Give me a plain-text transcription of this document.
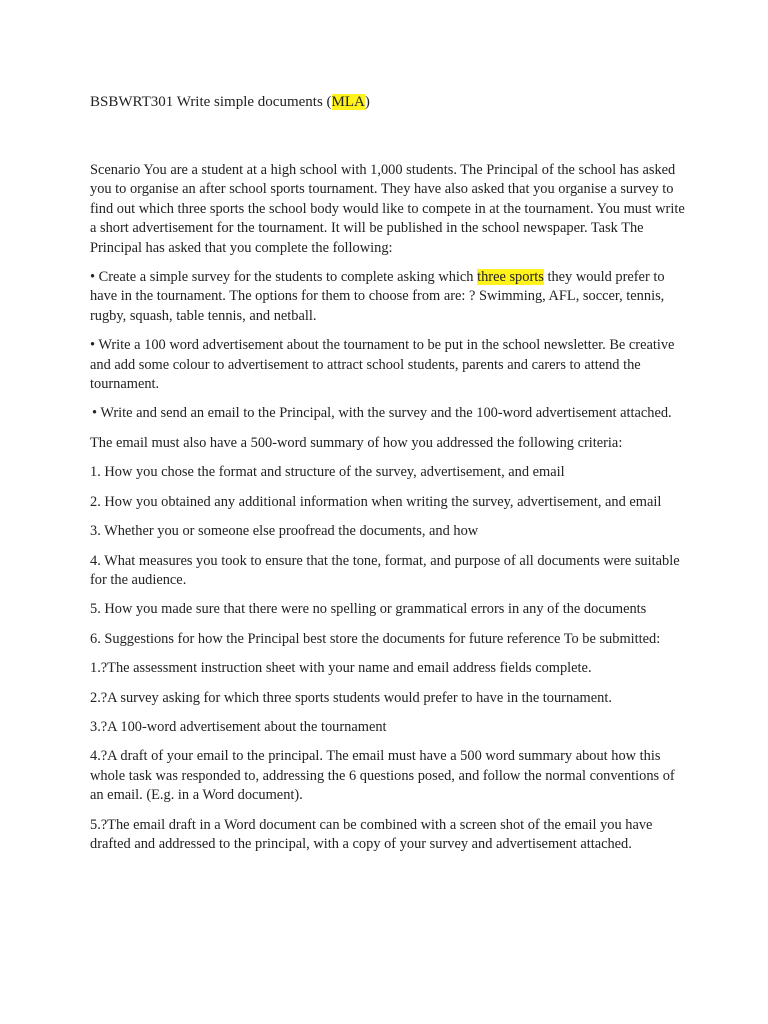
BSBWRT301 Write simple documents (MLA)

Scenario You are a student at a high school with 1,000 students. The Principal of the school has asked you to organise an after school sports tournament. They have also asked that you organise a survey to find out which three sports the school body would like to compete in at the tournament. You must write a short advertisement for the tournament. It will be published in the school newspaper. Task The Principal has asked that you complete the following:

• Create a simple survey for the students to complete asking which three sports they would prefer to have in the tournament. The options for them to choose from are: ? Swimming, AFL, soccer, tennis, rugby, squash, table tennis, and netball.

• Write a 100 word advertisement about the tournament to be put in the school newsletter. Be creative and add some colour to advertisement to attract school students, parents and carers to attend the tournament.

• Write and send an email to the Principal, with the survey and the 100-word advertisement attached.

The email must also have a 500-word summary of how you addressed the following criteria:

1. How you chose the format and structure of the survey, advertisement, and email

2. How you obtained any additional information when writing the survey, advertisement, and email

3. Whether you or someone else proofread the documents, and how

4. What measures you took to ensure that the tone, format, and purpose of all documents were suitable for the audience.

5. How you made sure that there were no spelling or grammatical errors in any of the documents

6. Suggestions for how the Principal best store the documents for future reference To be submitted:

1.?The assessment instruction sheet with your name and email address fields complete.

2.?A survey asking for which three sports students would prefer to have in the tournament.

3.?A 100-word advertisement about the tournament

4.?A draft of your email to the principal. The email must have a 500 word summary about how this whole task was responded to, addressing the 6 questions posed, and follow the normal conventions of an email. (E.g. in a Word document).

5.?The email draft in a Word document can be combined with a screen shot of the email you have drafted and addressed to the principal, with a copy of your survey and advertisement attached.
